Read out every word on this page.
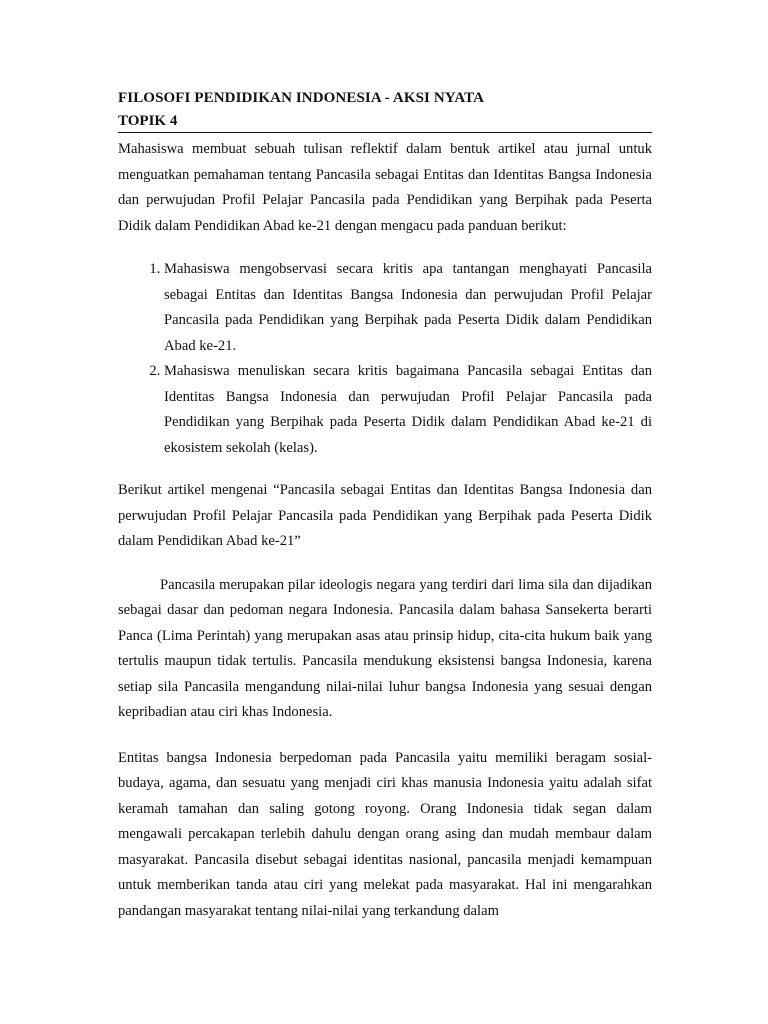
FILOSOFI PENDIDIKAN INDONESIA - AKSI NYATA
TOPIK 4

Mahasiswa membuat sebuah tulisan reflektif dalam bentuk artikel atau jurnal untuk menguatkan pemahaman tentang Pancasila sebagai Entitas dan Identitas Bangsa Indonesia dan perwujudan Profil Pelajar Pancasila pada Pendidikan yang Berpihak pada Peserta Didik dalam Pendidikan Abad ke-21 dengan mengacu pada panduan berikut:

1. Mahasiswa mengobservasi secara kritis apa tantangan menghayati Pancasila sebagai Entitas dan Identitas Bangsa Indonesia dan perwujudan Profil Pelajar Pancasila pada Pendidikan yang Berpihak pada Peserta Didik dalam Pendidikan Abad ke-21.
2. Mahasiswa menuliskan secara kritis bagaimana Pancasila sebagai Entitas dan Identitas Bangsa Indonesia dan perwujudan Profil Pelajar Pancasila pada Pendidikan yang Berpihak pada Peserta Didik dalam Pendidikan Abad ke-21 di ekosistem sekolah (kelas).

Berikut artikel mengenai “Pancasila sebagai Entitas dan Identitas Bangsa Indonesia dan perwujudan Profil Pelajar Pancasila pada Pendidikan yang Berpihak pada Peserta Didik dalam Pendidikan Abad ke-21”

Pancasila merupakan pilar ideologis negara yang terdiri dari lima sila dan dijadikan sebagai dasar dan pedoman negara Indonesia. Pancasila dalam bahasa Sansekerta berarti Panca (Lima Perintah) yang merupakan asas atau prinsip hidup, cita-cita hukum baik yang tertulis maupun tidak tertulis. Pancasila mendukung eksistensi bangsa Indonesia, karena setiap sila Pancasila mengandung nilai-nilai luhur bangsa Indonesia yang sesuai dengan kepribadian atau ciri khas Indonesia.

Entitas bangsa Indonesia berpedoman pada Pancasila yaitu memiliki beragam sosial-budaya, agama, dan sesuatu yang menjadi ciri khas manusia Indonesia yaitu adalah sifat keramah tamahan dan saling gotong royong. Orang Indonesia tidak segan dalam mengawali percakapan terlebih dahulu dengan orang asing dan mudah membaur dalam masyarakat. Pancasila disebut sebagai identitas nasional, pancasila menjadi kemampuan untuk memberikan tanda atau ciri yang melekat pada masyarakat. Hal ini mengarahkan pandangan masyarakat tentang nilai-nilai yang terkandung dalam
